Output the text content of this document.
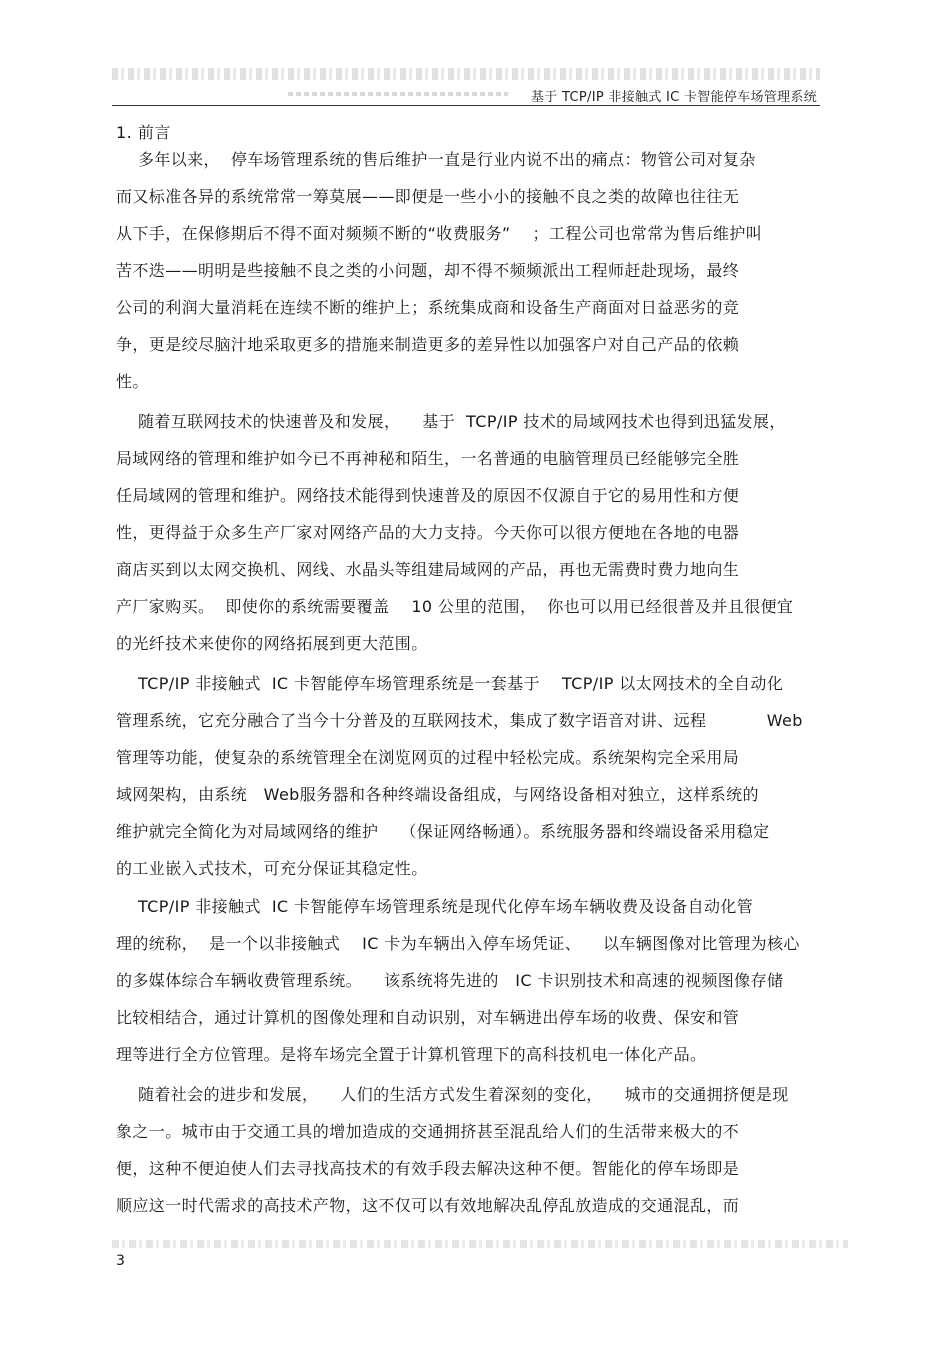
基于 TCP/IP 非接触式 IC 卡智能停车场管理系统
1. 前言
多年以来，  停车场管理系统的售后维护一直是行业内说不出的痛点：物管公司对复杂
而又标准各异的系统常常一筹莫展——即便是一些小小的接触不良之类的故障也往往无
从下手，在保修期后不得不面对频频不断的“收费服务”    ；工程公司也常常为售后维护叫
苦不迭——明明是些接触不良之类的小问题，却不得不频频派出工程师赶赴现场，最终
公司的利润大量消耗在连续不断的维护上；系统集成商和设备生产商面对日益恶劣的竞
争，更是绞尽脑汁地采取更多的措施来制造更多的差异性以加强客户对自己产品的依赖
性。
随着互联网技术的快速普及和发展，    基于  TCP/IP 技术的局域网技术也得到迅猛发展，
局域网络的管理和维护如今已不再神秘和陌生，一名普通的电脑管理员已经能够完全胜
任局域网的管理和维护。网络技术能得到快速普及的原因不仅源自于它的易用性和方便
性，更得益于众多生产厂家对网络产品的大力支持。今天你可以很方便地在各地的电器
商店买到以太网交换机、网线、水晶头等组建局域网的产品，再也无需费时费力地向生
产厂家购买。  即使你的系统需要覆盖    10 公里的范围，  你也可以用已经很普及并且很便宜
的光纤技术来使你的网络拓展到更大范围。
TCP/IP 非接触式  IC 卡智能停车场管理系统是一套基于    TCP/IP 以太网技术的全自动化
管理系统，它充分融合了当今十分普及的互联网技术，集成了数字语音对讲、远程           Web
管理等功能，使复杂的系统管理全在浏览网页的过程中轻松完成。系统架构完全采用局
域网架构，由系统   Web服务器和各种终端设备组成，与网络设备相对独立，这样系统的
维护就完全简化为对局域网络的维护    （保证网络畅通）。系统服务器和终端设备采用稳定
的工业嵌入式技术，可充分保证其稳定性。
TCP/IP 非接触式  IC 卡智能停车场管理系统是现代化停车场车辆收费及设备自动化管
理的统称，  是一个以非接触式    IC 卡为车辆出入停车场凭证、    以车辆图像对比管理为核心
的多媒体综合车辆收费管理系统。    该系统将先进的   IC 卡识别技术和高速的视频图像存储
比较相结合，通过计算机的图像处理和自动识别，对车辆进出停车场的收费、保安和管
理等进行全方位管理。是将车场完全置于计算机管理下的高科技机电一体化产品。
随着社会的进步和发展，    人们的生活方式发生着深刻的变化，    城市的交通拥挤便是现
象之一。城市由于交通工具的增加造成的交通拥挤甚至混乱给人们的生活带来极大的不
便，这种不便迫使人们去寻找高技术的有效手段去解决这种不便。智能化的停车场即是
顺应这一时代需求的高技术产物，这不仅可以有效地解决乱停乱放造成的交通混乱，而
3
